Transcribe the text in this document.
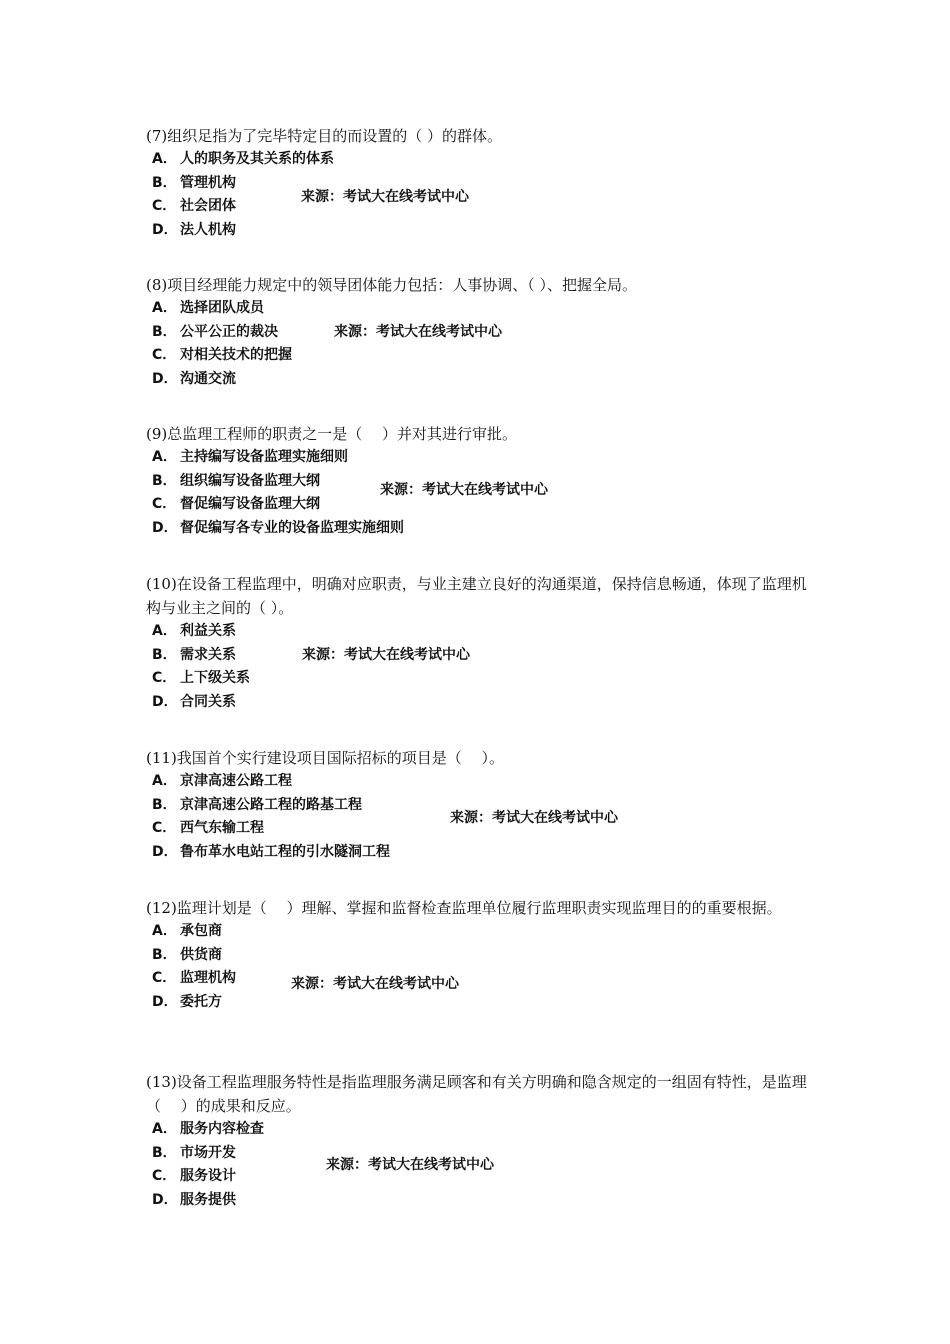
(7)组织足指为了完毕特定目的而设置的（ ）的群体。

A． 人的职务及其关系的体系
B． 管理机构
C． 社会团体
D． 法人机构
来源：考试大在线考试中心

(8)项目经理能力规定中的领导团体能力包括：人事协调、（ ）、把握全局。

A． 选择团队成员
B． 公平公正的裁决
C． 对相关技术的把握
D． 沟通交流
来源：考试大在线考试中心

(9)总监理工程师的职责之一是（　 ）并对其进行审批。

A． 主持编写设备监理实施细则
B． 组织编写设备监理大纲
C． 督促编写设备监理大纲
D． 督促编写各专业的设备监理实施细则
来源：考试大在线考试中心

(10)在设备工程监理中，明确对应职责，与业主建立良好的沟通渠道，保持信息畅通，体现了监理机构与业主之间的（ ）。

A． 利益关系
B． 需求关系
C． 上下级关系
D． 合同关系
来源：考试大在线考试中心

(11)我国首个实行建设项目国际招标的项目是（　 ）。

A． 京津高速公路工程
B． 京津高速公路工程的路基工程
C． 西气东输工程
D． 鲁布革水电站工程的引水隧洞工程
来源：考试大在线考试中心

(12)监理计划是（　 ）理解、掌握和监督检查监理单位履行监理职责实现监理目的的重要根据。

A． 承包商
B． 供货商
C． 监理机构
D． 委托方
来源：考试大在线考试中心

(13)设备工程监理服务特性是指监理服务满足顾客和有关方明确和隐含规定的一组固有特性，是监理（　 ）的成果和反应。

A． 服务内容检查
B． 市场开发
C． 服务设计
D． 服务提供
来源：考试大在线考试中心
